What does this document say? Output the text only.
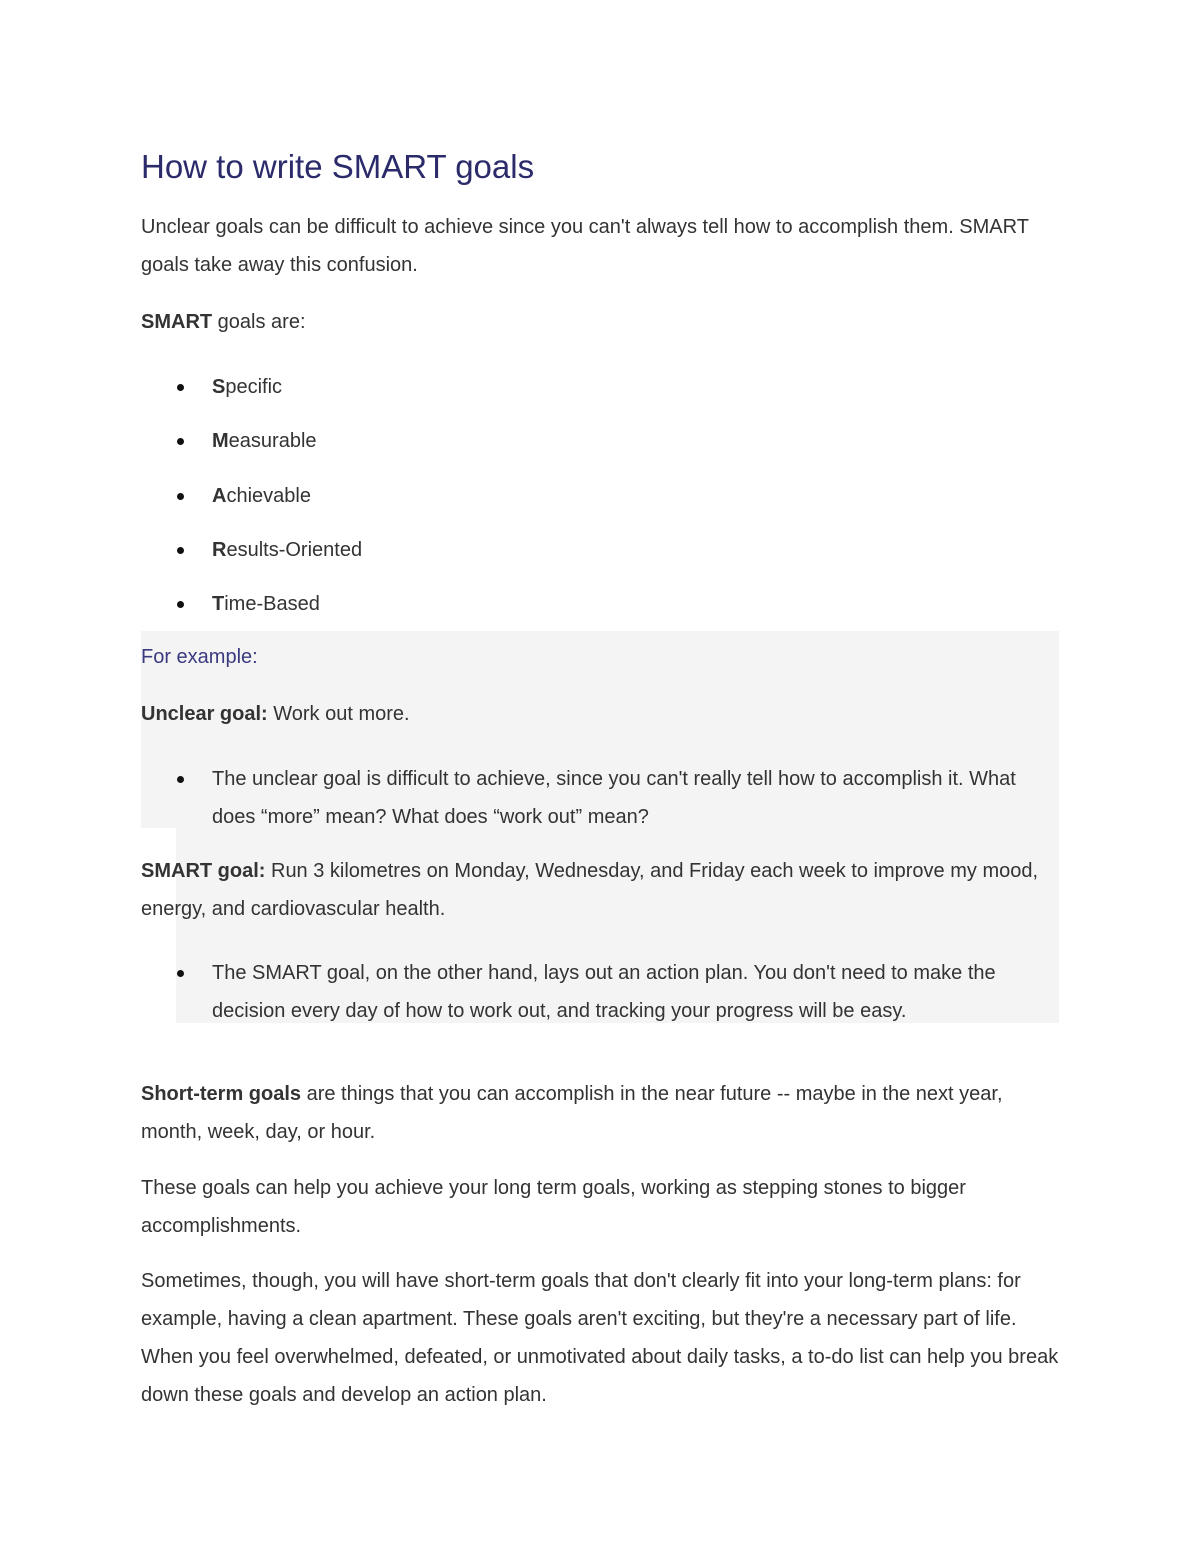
How to write SMART goals

Unclear goals can be difficult to achieve since you can't always tell how to accomplish them. SMART goals take away this confusion.

SMART goals are:

Specific
Measurable
Achievable
Results-Oriented
Time-Based

For example:

Unclear goal: Work out more.

The unclear goal is difficult to achieve, since you can't really tell how to accomplish it. What does “more” mean? What does “work out” mean?

SMART goal: Run 3 kilometres on Monday, Wednesday, and Friday each week to improve my mood, energy, and cardiovascular health.

The SMART goal, on the other hand, lays out an action plan. You don't need to make the decision every day of how to work out, and tracking your progress will be easy.

Short-term goals are things that you can accomplish in the near future -- maybe in the next year, month, week, day, or hour.

These goals can help you achieve your long term goals, working as stepping stones to bigger accomplishments.

Sometimes, though, you will have short-term goals that don't clearly fit into your long-term plans: for example, having a clean apartment. These goals aren't exciting, but they're a necessary part of life. When you feel overwhelmed, defeated, or unmotivated about daily tasks, a to-do list can help you break down these goals and develop an action plan.
